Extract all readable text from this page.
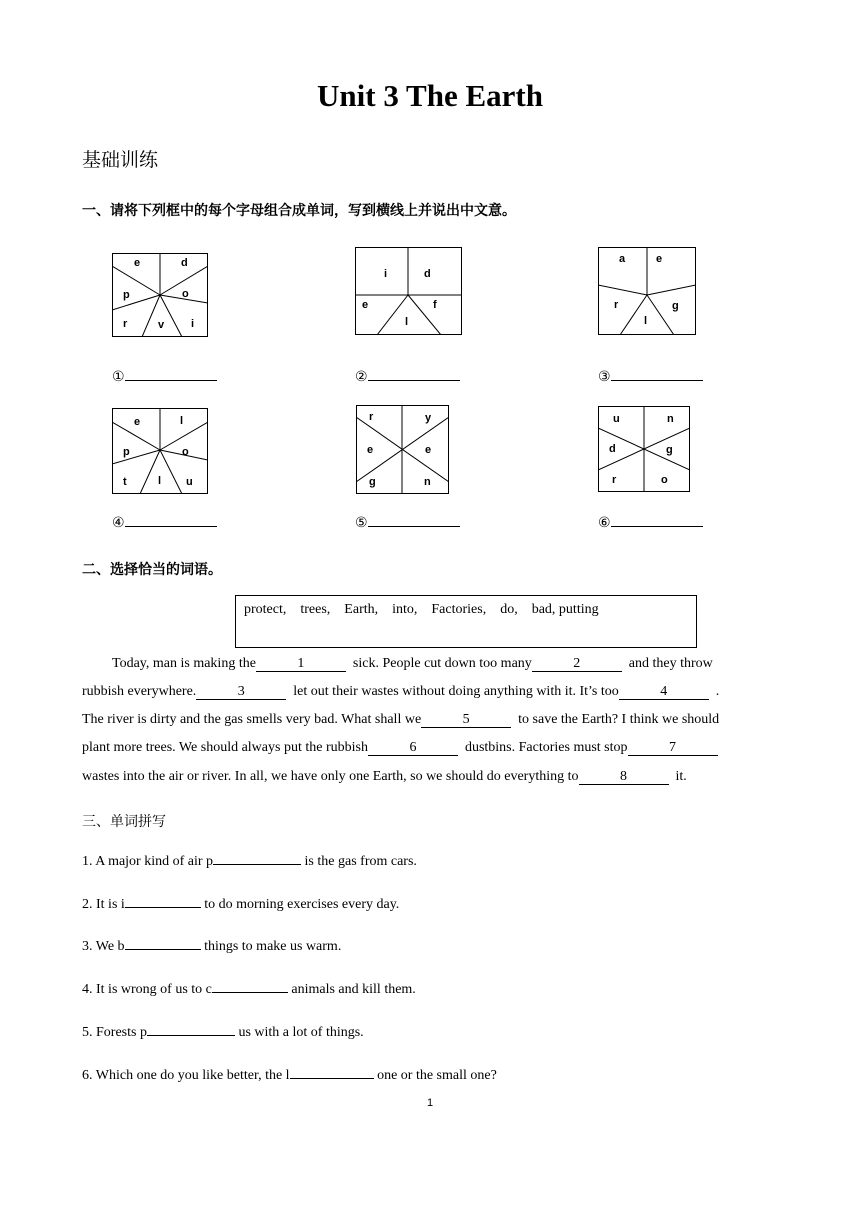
Unit 3 The Earth
基础训练
一、请将下列框中的每个字母组合成单词，写到横线上并说出中文意。
e	d
p	o
r	v i
①
i	d
e	f
l
②
a	e
r	g
l
③
e	l
p	o
t	l u
④
r	y
e	e
g	n
⑤
u	n
d	g
r	o
⑥
二、选择恰当的词语。
protect,    trees,    Earth,    into,    Factories,    do,    bad, putting
Today, man is making the	1	sick. People cut down too many	2	and they throw
rubbish everywhere.	3	let out their wastes without doing anything with it. It’s too	4	.
The river is dirty and the gas smells very bad. What shall we	5	to save the Earth? I think we should
plant more trees. We should always put the rubbish	6	dustbins. Factories must stop	7
wastes into the air or river. In all, we have only one Earth, so we should do everything to	8	it.
三、单词拼写
1. A major kind of air p	is the gas from cars.
2. It is i	to do morning exercises every day.
3. We b	things to make us warm.
4. It is wrong of us to c	animals and kill them.
5. Forests p	us with a lot of things.
6. Which one do you like better, the l	one or the small one?
1
